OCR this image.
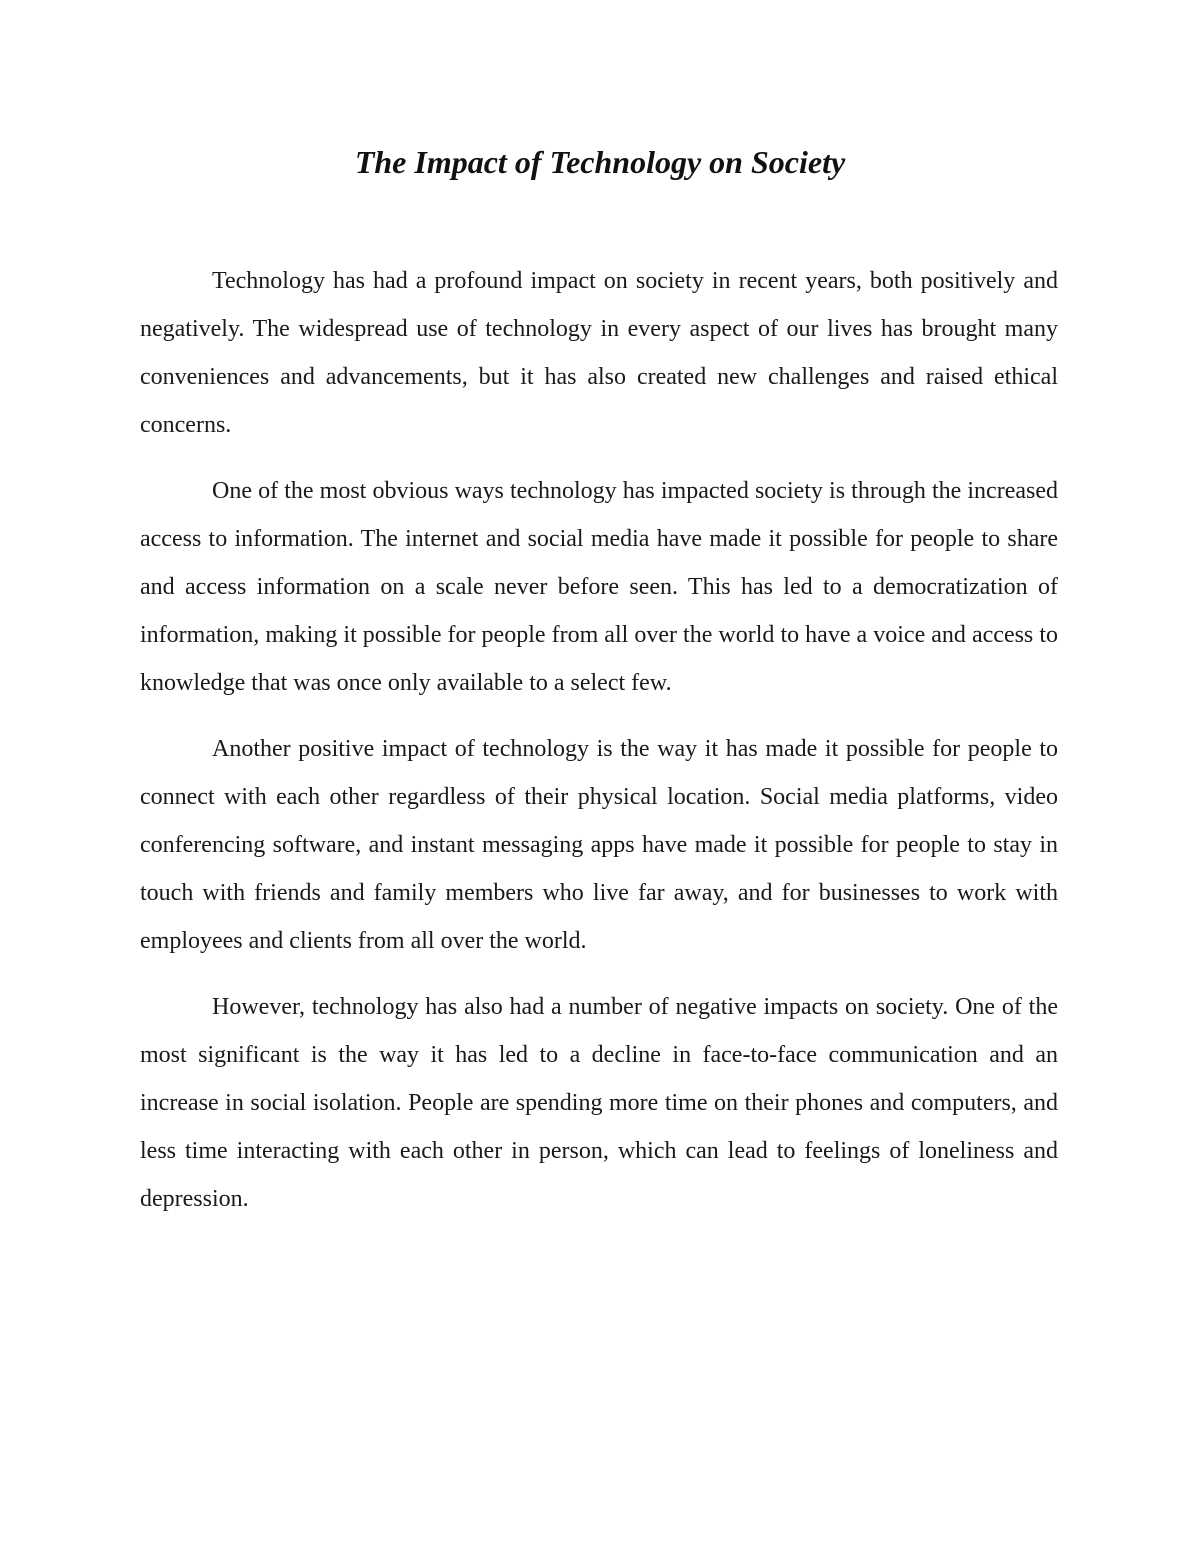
The Impact of Technology on Society

Technology has had a profound impact on society in recent years, both positively and negatively. The widespread use of technology in every aspect of our lives has brought many conveniences and advancements, but it has also created new challenges and raised ethical concerns.

One of the most obvious ways technology has impacted society is through the increased access to information. The internet and social media have made it possible for people to share and access information on a scale never before seen. This has led to a democratization of information, making it possible for people from all over the world to have a voice and access to knowledge that was once only available to a select few.

Another positive impact of technology is the way it has made it possible for people to connect with each other regardless of their physical location. Social media platforms, video conferencing software, and instant messaging apps have made it possible for people to stay in touch with friends and family members who live far away, and for businesses to work with employees and clients from all over the world.

However, technology has also had a number of negative impacts on society. One of the most significant is the way it has led to a decline in face-to-face communication and an increase in social isolation. People are spending more time on their phones and computers, and less time interacting with each other in person, which can lead to feelings of loneliness and depression.
